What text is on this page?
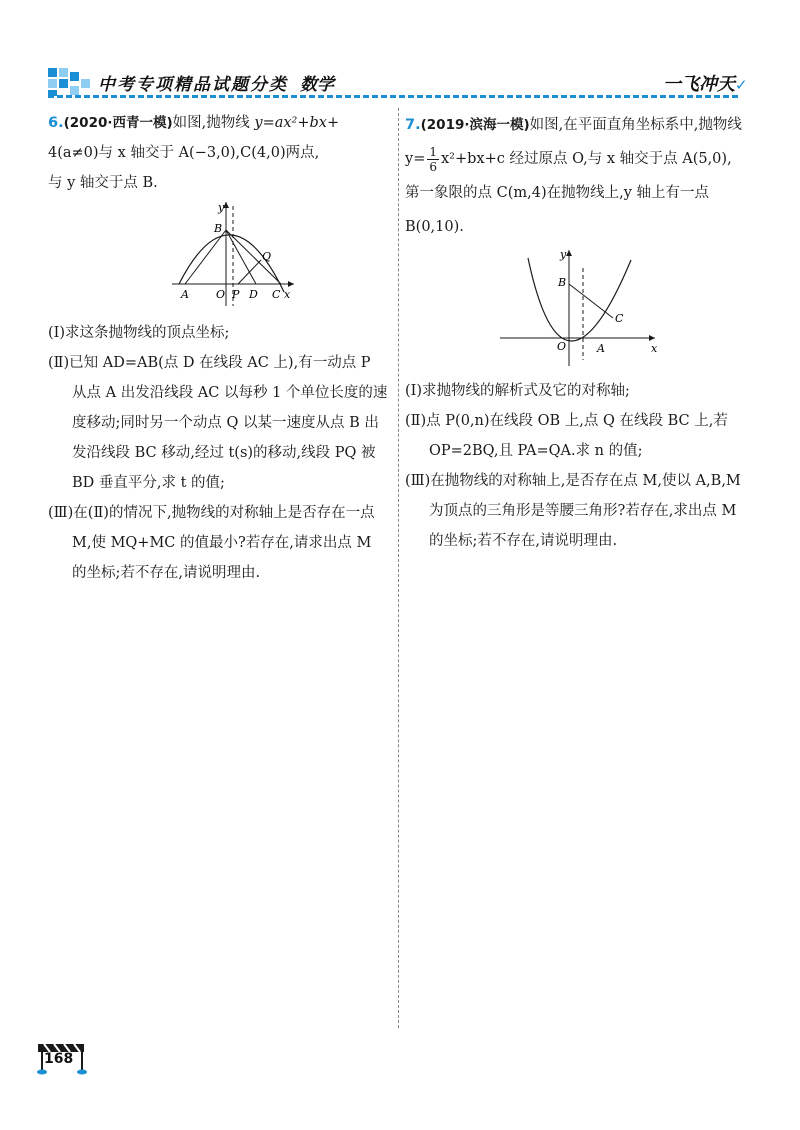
中考专项精品试题分类 数学	一飞冲天✓

6.(2020·西青一模)如图,抛物线 y=ax²+bx+
4(a≠0)与 x 轴交于 A(−3,0),C(4,0)两点,
与 y 轴交于点 B.

y
B
Q
A O P D C x

(Ⅰ)求这条抛物线的顶点坐标;

(Ⅱ)已知 AD=AB(点 D 在线段 AC 上),有一动点 P 从点 A 出发沿线段 AC 以每秒 1 个单位长度的速度移动;同时另一个动点 Q 以某一速度从点 B 出发沿线段 BC 移动,经过 t(s)的移动,线段 PQ 被 BD 垂直平分,求 t 的值;

(Ⅲ)在(Ⅱ)的情况下,抛物线的对称轴上是否存在一点 M,使 MQ+MC 的值最小?若存在,请求出点 M 的坐标;若不存在,请说明理由.

7.(2019·滨海一模)如图,在平面直角坐标系中,抛物线 $y= \frac{1}{6} x^2+bx+c$ 经过原点 O,与 x 轴交于点 A(5,0),第一象限的点 C(m,4)在抛物线上,y 轴上有一点 B(0,10).

y
B
C
O	A	x

(Ⅰ)求抛物线的解析式及它的对称轴;

(Ⅱ)点 P(0,n)在线段 OB 上,点 Q 在线段 BC 上,若 OP=2BQ,且 PA=QA.求 n 的值;

(Ⅲ)在抛物线的对称轴上,是否存在点 M,使以 A,B,M 为顶点的三角形是等腰三角形?若存在,求出点 M 的坐标;若不存在,请说明理由.

168
